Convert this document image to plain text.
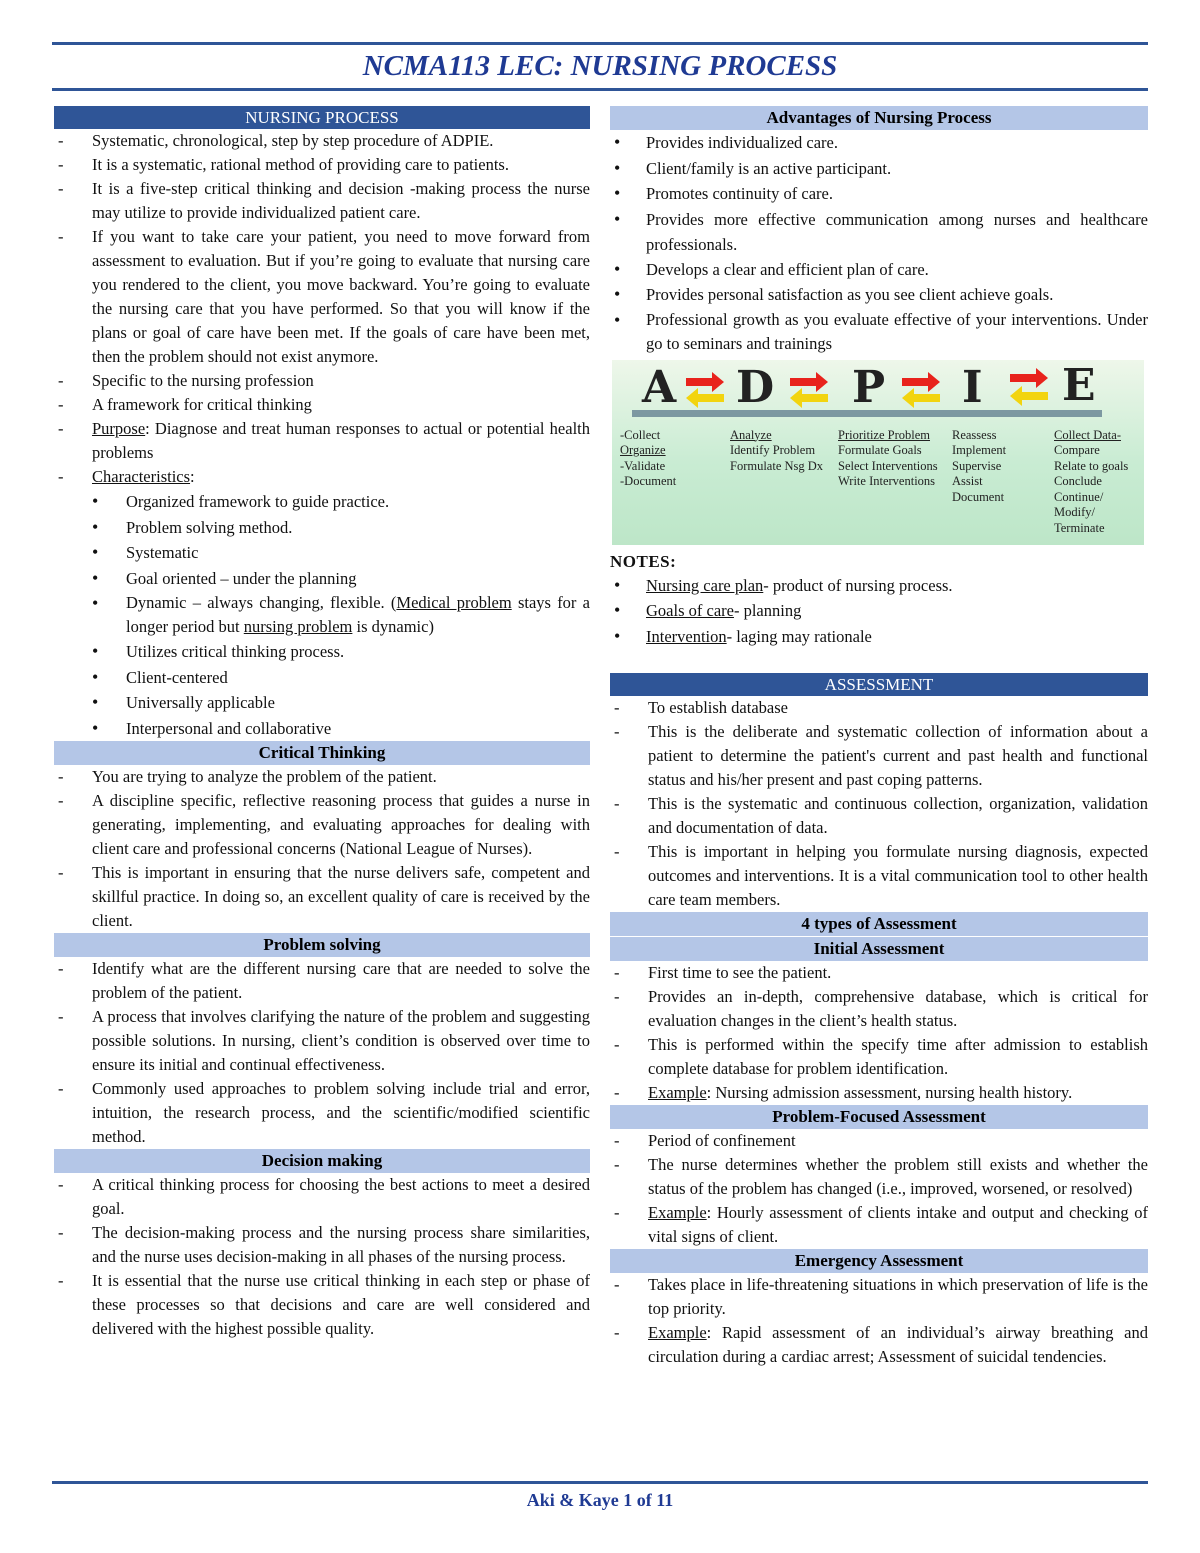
NCMA113 LEC: NURSING PROCESS
NURSING PROCESS
- Systematic, chronological, step by step procedure of ADPIE.
- It is a systematic, rational method of providing care to patients.
- It is a five-step critical thinking and decision -making process the nurse may utilize to provide individualized patient care.
- If you want to take care your patient, you need to move forward from assessment to evaluation. But if you’re going to evaluate that nursing care you rendered to the client, you move backward. You’re going to evaluate the nursing care that you have performed. So that you will know if the plans or goal of care have been met. If the goals of care have been met, then the problem should not exist anymore.
- Specific to the nursing profession
- A framework for critical thinking
- Purpose: Diagnose and treat human responses to actual or potential health problems
- Characteristics:
• Organized framework to guide practice.
• Problem solving method.
• Systematic
• Goal oriented – under the planning
• Dynamic – always changing, flexible. (Medical problem stays for a longer period but nursing problem is dynamic)
• Utilizes critical thinking process.
• Client-centered
• Universally applicable
• Interpersonal and collaborative
Critical Thinking
- You are trying to analyze the problem of the patient.
- A discipline specific, reflective reasoning process that guides a nurse in generating, implementing, and evaluating approaches for dealing with client care and professional concerns (National League of Nurses).
- This is important in ensuring that the nurse delivers safe, competent and skillful practice. In doing so, an excellent quality of care is received by the client.
Problem solving
- Identify what are the different nursing care that are needed to solve the problem of the patient.
- A process that involves clarifying the nature of the problem and suggesting possible solutions. In nursing, client’s condition is observed over time to ensure its initial and continual effectiveness.
- Commonly used approaches to problem solving include trial and error, intuition, the research process, and the scientific/modified scientific method.
Decision making
- A critical thinking process for choosing the best actions to meet a desired goal.
- The decision-making process and the nursing process share similarities, and the nurse uses decision-making in all phases of the nursing process.
- It is essential that the nurse use critical thinking in each step or phase of these processes so that decisions and care are well considered and delivered with the highest possible quality.
Advantages of Nursing Process
• Provides individualized care.
• Client/family is an active participant.
• Promotes continuity of care.
• Provides more effective communication among nurses and healthcare professionals.
• Develops a clear and efficient plan of care.
• Provides personal satisfaction as you see client achieve goals.
• Professional growth as you evaluate effective of your interventions. Under go to seminars and trainings
A D P I E
-Collect
Organize
-Validate
-Document
Analyze
Identify Problem
Formulate Nsg Dx
Prioritize Problem
Formulate Goals
Select Interventions
Write Interventions
Reassess
Implement
Supervise
Assist
Document
Collect Data-
Compare
Relate to goals
Conclude
Continue/
Modify/
Terminate
NOTES:
• Nursing care plan- product of nursing process.
• Goals of care- planning
• Intervention- laging may rationale
ASSESSMENT
- To establish database
- This is the deliberate and systematic collection of information about a patient to determine the patient's current and past health and functional status and his/her present and past coping patterns.
- This is the systematic and continuous collection, organization, validation and documentation of data.
- This is important in helping you formulate nursing diagnosis, expected outcomes and interventions. It is a vital communication tool to other health care team members.
4 types of Assessment
Initial Assessment
- First time to see the patient.
- Provides an in-depth, comprehensive database, which is critical for evaluation changes in the client’s health status.
- This is performed within the specify time after admission to establish complete database for problem identification.
- Example: Nursing admission assessment, nursing health history.
Problem-Focused Assessment
- Period of confinement
- The nurse determines whether the problem still exists and whether the status of the problem has changed (i.e., improved, worsened, or resolved)
- Example: Hourly assessment of clients intake and output and checking of vital signs of client.
Emergency Assessment
- Takes place in life-threatening situations in which preservation of life is the top priority.
- Example: Rapid assessment of an individual’s airway breathing and circulation during a cardiac arrest; Assessment of suicidal tendencies.
Aki & Kaye 1 of 11
